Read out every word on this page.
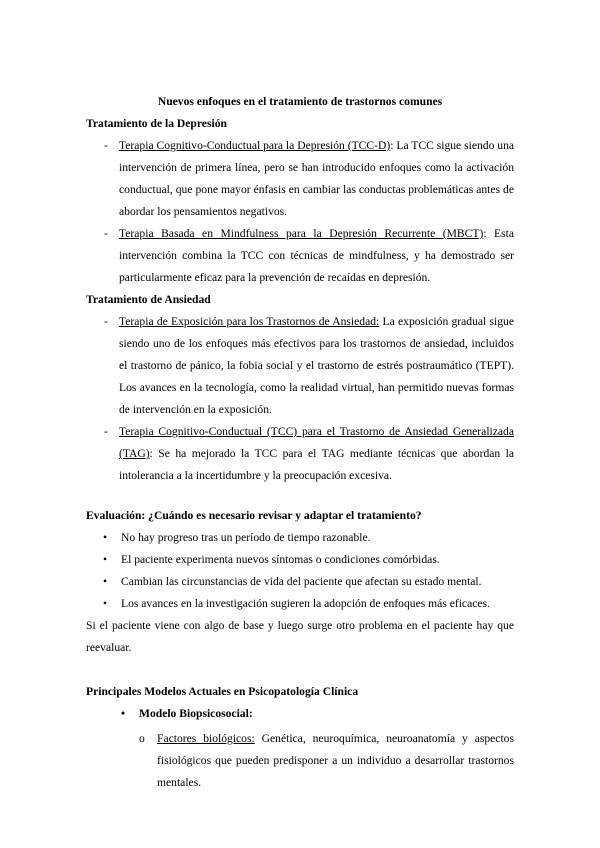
Nuevos enfoques en el tratamiento de trastornos comunes

Tratamiento de la Depresión

- Terapia Cognitivo-Conductual para la Depresión (TCC-D): La TCC sigue siendo una intervención de primera línea, pero se han introducido enfoques como la activación conductual, que pone mayor énfasis en cambiar las conductas problemáticas antes de abordar los pensamientos negativos.
- Terapia Basada en Mindfulness para la Depresión Recurrente (MBCT): Esta intervención combina la TCC con técnicas de mindfulness, y ha demostrado ser particularmente eficaz para la prevención de recaídas en depresión.

Tratamiento de Ansiedad

- Terapia de Exposición para los Trastornos de Ansiedad: La exposición gradual sigue siendo uno de los enfoques más efectivos para los trastornos de ansiedad, incluidos el trastorno de pánico, la fobia social y el trastorno de estrés postraumático (TEPT). Los avances en la tecnología, como la realidad virtual, han permitido nuevas formas de intervención en la exposición.
- Terapia Cognitivo-Conductual (TCC) para el Trastorno de Ansiedad Generalizada (TAG): Se ha mejorado la TCC para el TAG mediante técnicas que abordan la intolerancia a la incertidumbre y la preocupación excesiva.

Evaluación: ¿Cuándo es necesario revisar y adaptar el tratamiento?

• No hay progreso tras un período de tiempo razonable.
• El paciente experimenta nuevos síntomas o condiciones comórbidas.
• Cambian las circunstancias de vida del paciente que afectan su estado mental.
• Los avances en la investigación sugieren la adopción de enfoques más eficaces.

Si el paciente viene con algo de base y luego surge otro problema en el paciente hay que reevaluar.

Principales Modelos Actuales en Psicopatología Clínica

• Modelo Biopsicosocial:
o Factores biológicos: Genética, neuroquímica, neuroanatomía y aspectos fisiológicos que pueden predisponer a un individuo a desarrollar trastornos mentales.
